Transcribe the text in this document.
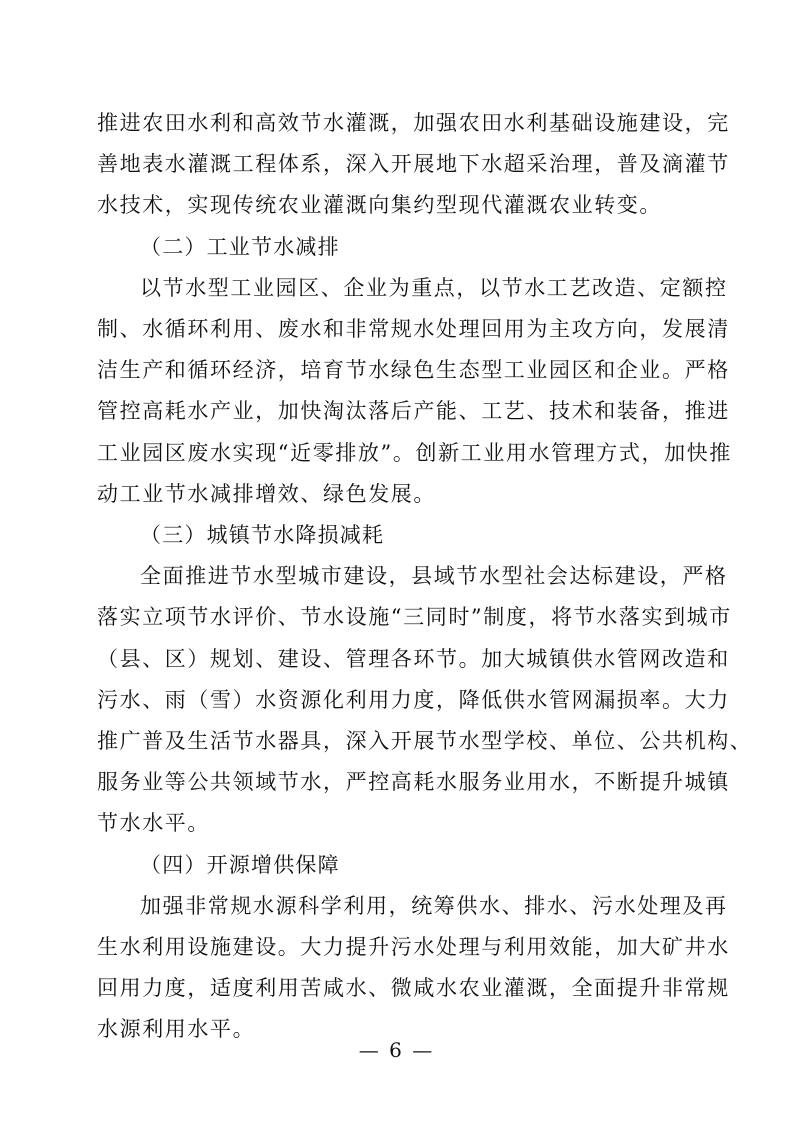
推进农田水利和高效节水灌溉，加强农田水利基础设施建设，完
善地表水灌溉工程体系，深入开展地下水超采治理，普及滴灌节
水技术，实现传统农业灌溉向集约型现代灌溉农业转变。
（二）工业节水减排
以节水型工业园区、企业为重点，以节水工艺改造、定额控
制、水循环利用、废水和非常规水处理回用为主攻方向，发展清
洁生产和循环经济，培育节水绿色生态型工业园区和企业。严格
管控高耗水产业，加快淘汰落后产能、工艺、技术和装备，推进
工业园区废水实现“近零排放”。创新工业用水管理方式，加快推
动工业节水减排增效、绿色发展。
（三）城镇节水降损减耗
全面推进节水型城市建设，县域节水型社会达标建设，严格
落实立项节水评价、节水设施“三同时”制度，将节水落实到城市
（县、区）规划、建设、管理各环节。加大城镇供水管网改造和
污水、雨（雪）水资源化利用力度，降低供水管网漏损率。大力
推广普及生活节水器具，深入开展节水型学校、单位、公共机构、
服务业等公共领域节水，严控高耗水服务业用水，不断提升城镇
节水水平。
（四）开源增供保障
加强非常规水源科学利用，统筹供水、排水、污水处理及再
生水利用设施建设。大力提升污水处理与利用效能，加大矿井水
— 6 —
回用力度，适度利用苦咸水、微咸水农业灌溉，全面提升非常规
水源利用水平。
